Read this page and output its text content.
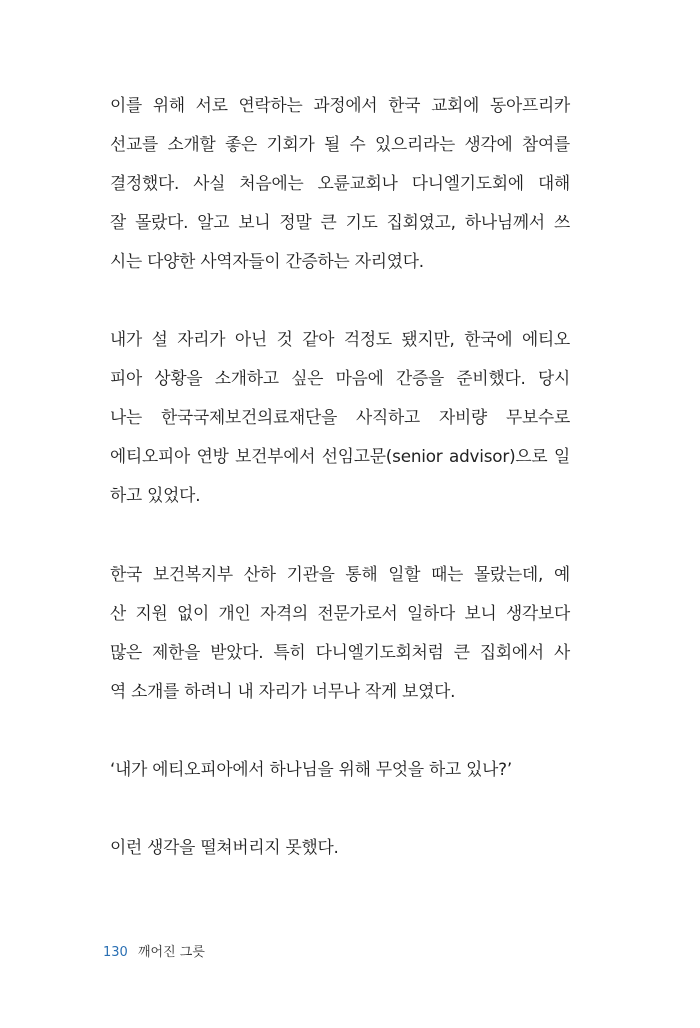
이를 위해 서로 연락하는 과정에서 한국 교회에 동아프리카
선교를 소개할 좋은 기회가 될 수 있으리라는 생각에 참여를
결정했다. 사실 처음에는 오륜교회나 다니엘기도회에 대해
잘 몰랐다. 알고 보니 정말 큰 기도 집회였고, 하나님께서 쓰
시는 다양한 사역자들이 간증하는 자리였다.
내가 설 자리가 아닌 것 같아 걱정도 됐지만, 한국에 에티오
피아 상황을 소개하고 싶은 마음에 간증을 준비했다. 당시
나는 한국국제보건의료재단을 사직하고 자비량 무보수로
에티오피아 연방 보건부에서 선임고문(senior advisor)으로 일
하고 있었다.
한국 보건복지부 산하 기관을 통해 일할 때는 몰랐는데, 예
산 지원 없이 개인 자격의 전문가로서 일하다 보니 생각보다
많은 제한을 받았다. 특히 다니엘기도회처럼 큰 집회에서 사
역 소개를 하려니 내 자리가 너무나 작게 보였다.
‘내가 에티오피아에서 하나님을 위해 무엇을 하고 있나?’
이런 생각을 떨쳐버리지 못했다.
130 깨어진 그릇
